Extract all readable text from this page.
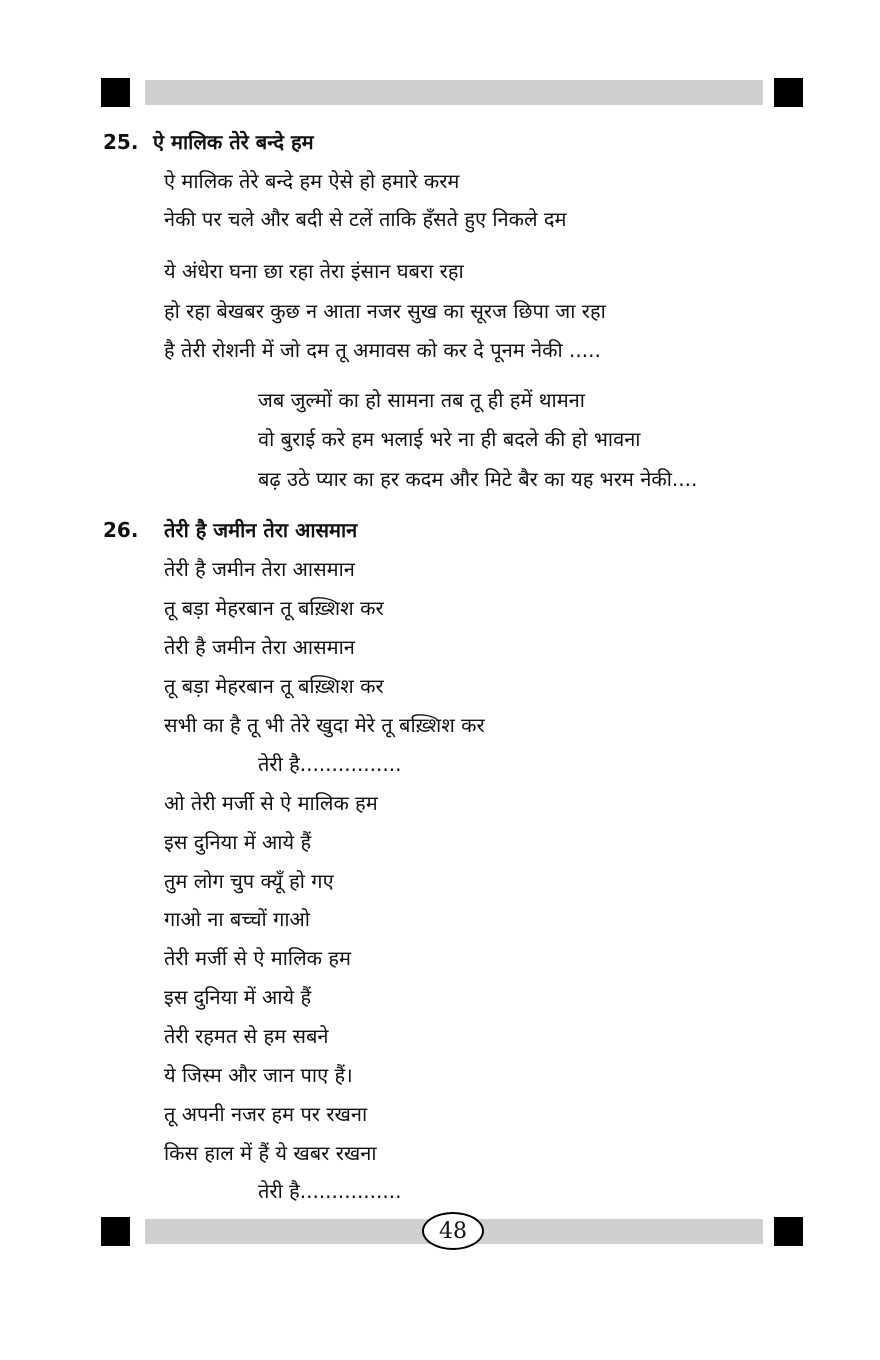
25. ऐ मालिक तेरे बन्दे हम
ऐ मालिक तेरे बन्दे हम ऐसे हो हमारे करम
नेकी पर चले और बदी से टलें ताकि हँसते हुए निकले दम
ये अंधेरा घना छा रहा तेरा इंसान घबरा रहा
हो रहा बेखबर कुछ न आता नजर सुख का सूरज छिपा जा रहा
है तेरी रोशनी में जो दम तू अमावस को कर दे पूनम नेकी .....
जब जुल्मों का हो सामना तब तू ही हमें थामना
वो बुराई करे हम भलाई भरे ना ही बदले की हो भावना
बढ़ उठे प्यार का हर कदम और मिटे बैर का यह भरम नेकी....
26. तेरी है जमीन तेरा आसमान
तेरी है जमीन तेरा आसमान
तू बड़ा मेहरबान तू बख़्शिश कर
तेरी है जमीन तेरा आसमान
तू बड़ा मेहरबान तू बख़्शिश कर
सभी का है तू भी तेरे खुदा मेरे तू बख़्शिश कर
तेरी है................
ओ तेरी मर्जी से ऐ मालिक हम
इस दुनिया में आये हैं
तुम लोग चुप क्यूँ हो गए
गाओ ना बच्चों गाओ
तेरी मर्जी से ऐ मालिक हम
इस दुनिया में आये हैं
तेरी रहमत से हम सबने
ये जिस्म और जान पाए हैं।
तू अपनी नजर हम पर रखना
किस हाल में हैं ये खबर रखना
तेरी है................
48
